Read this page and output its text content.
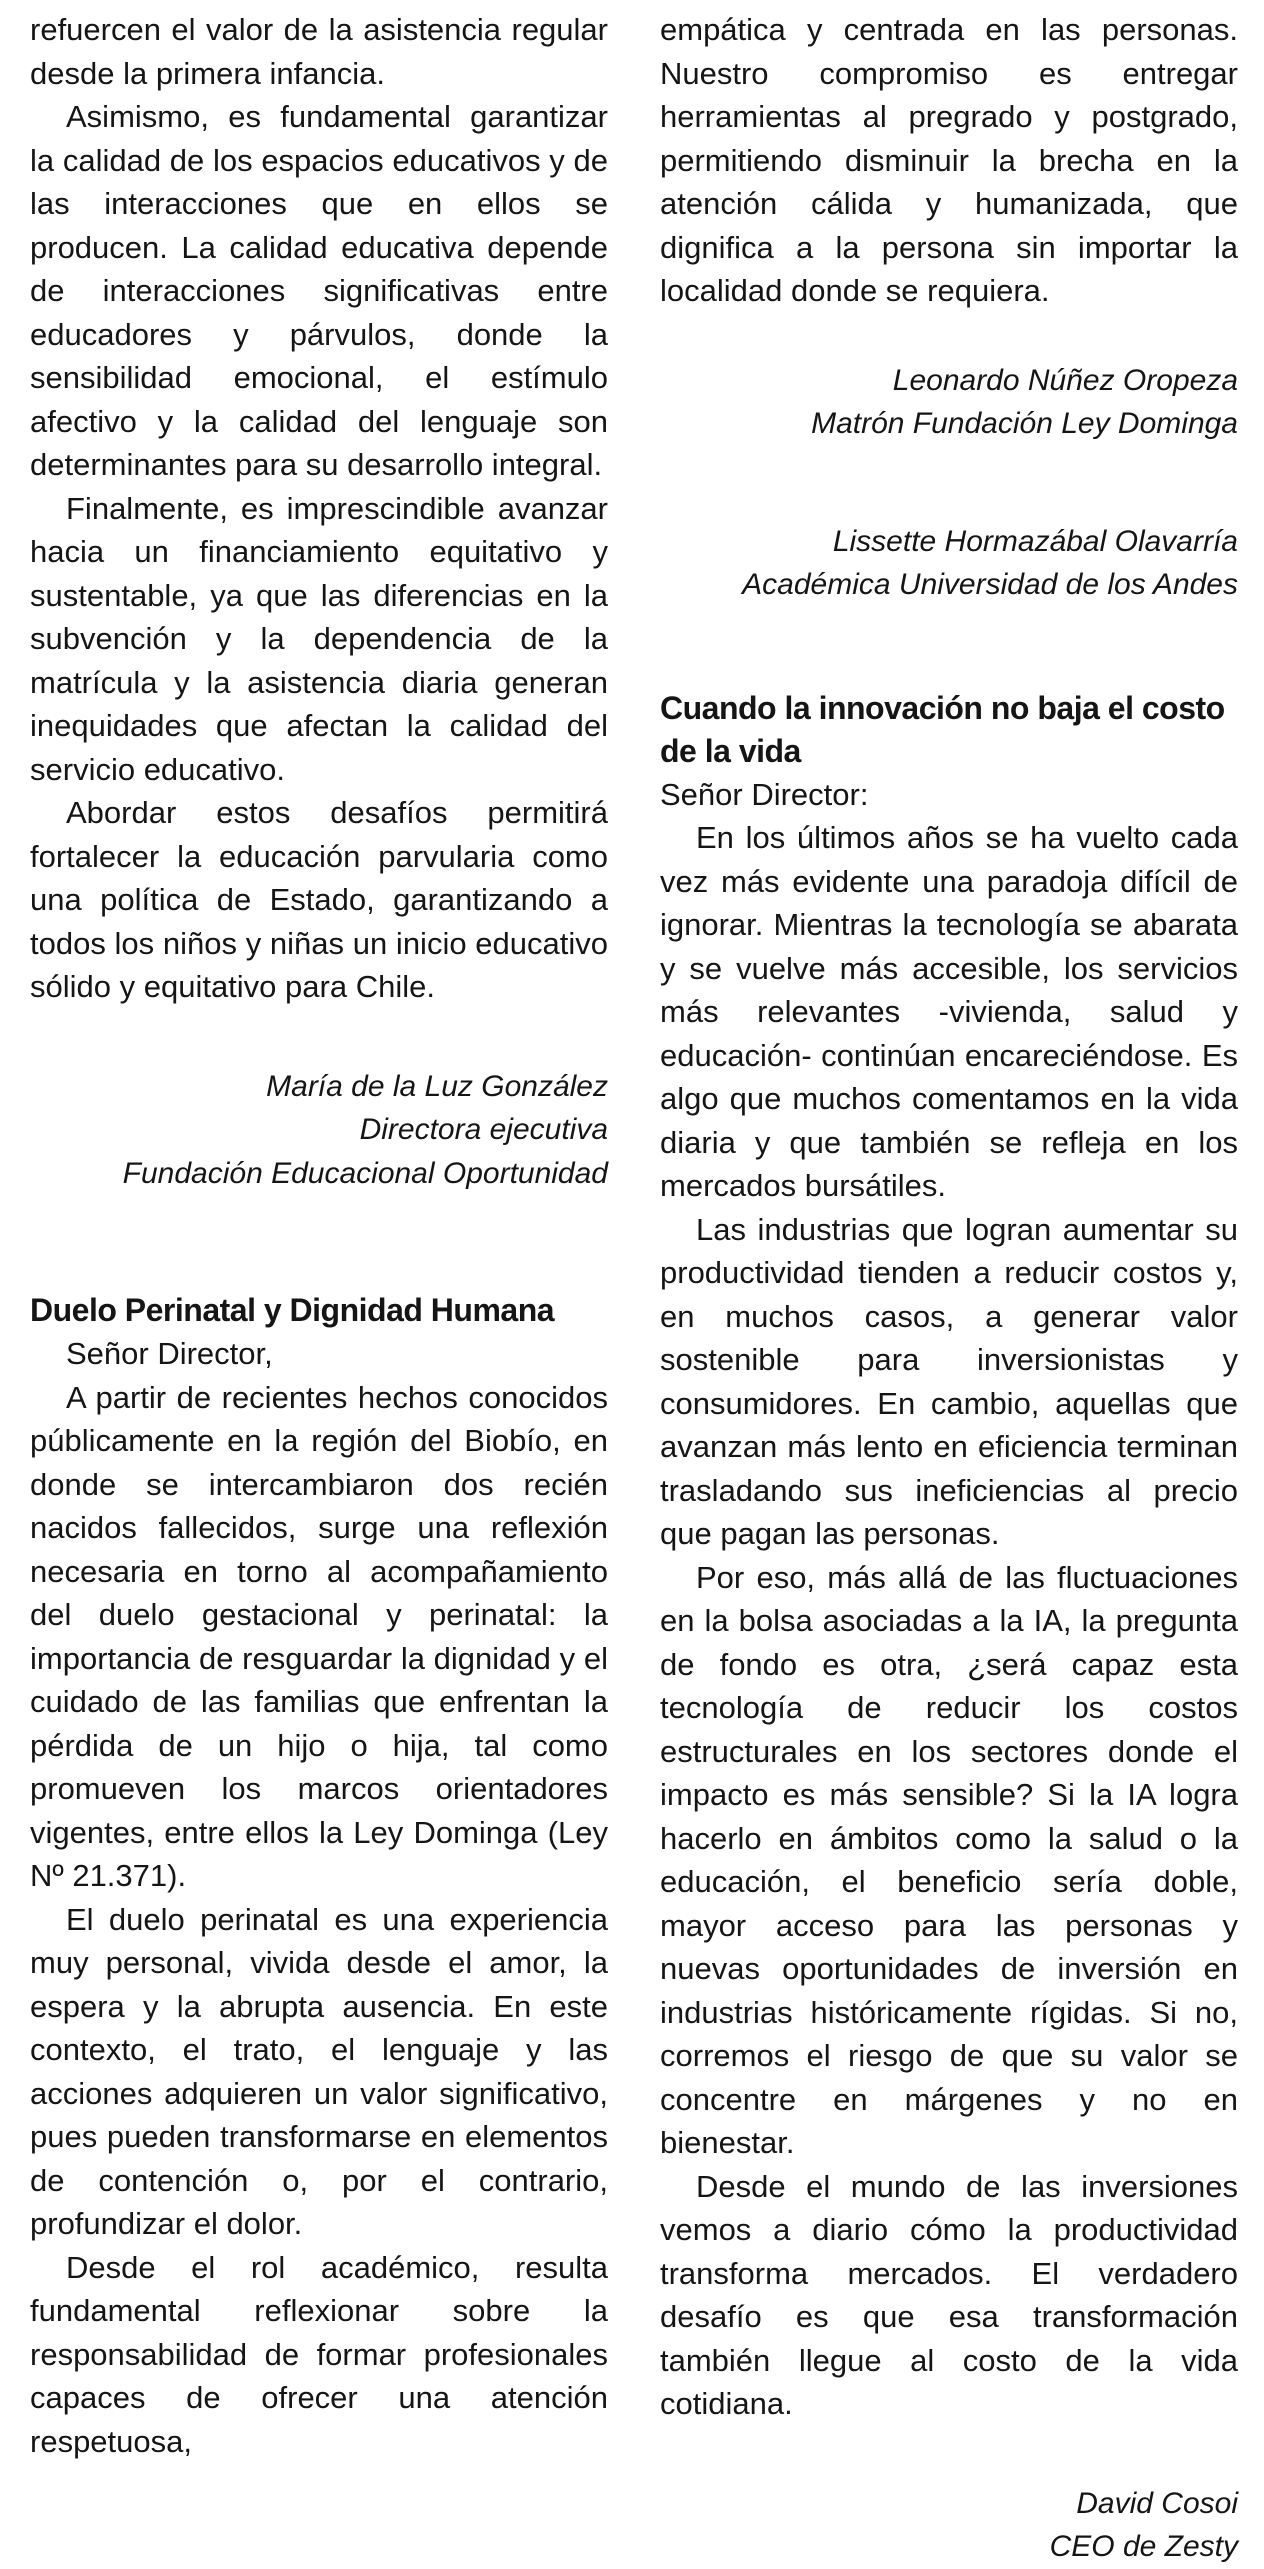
refuercen el valor de la asistencia regular desde la primera infancia.

Asimismo, es fundamental garantizar la calidad de los espacios educativos y de las interacciones que en ellos se producen. La calidad educativa depende de interacciones significativas entre educadores y párvulos, donde la sensibilidad emocional, el estímulo afectivo y la calidad del lenguaje son determinantes para su desarrollo integral.

Finalmente, es imprescindible avanzar hacia un financiamiento equitativo y sustentable, ya que las diferencias en la subvención y la dependencia de la matrícula y la asistencia diaria generan inequidades que afectan la calidad del servicio educativo.

Abordar estos desafíos permitirá fortalecer la educación parvularia como una política de Estado, garantizando a todos los niños y niñas un inicio educativo sólido y equitativo para Chile.

María de la Luz González

Directora ejecutiva

Fundación Educacional Oportunidad

Duelo Perinatal y Dignidad Humana

Señor Director,

A partir de recientes hechos conocidos públicamente en la región del Biobío, en donde se intercambiaron dos recién nacidos fallecidos, surge una reflexión necesaria en torno al acompañamiento del duelo gestacional y perinatal: la importancia de resguardar la dignidad y el cuidado de las familias que enfrentan la pérdida de un hijo o hija, tal como promueven los marcos orientadores vigentes, entre ellos la Ley Dominga (Ley Nº 21.371).

El duelo perinatal es una experiencia muy personal, vivida desde el amor, la espera y la abrupta ausencia. En este contexto, el trato, el lenguaje y las acciones adquieren un valor significativo, pues pueden transformarse en elementos de contención o, por el contrario, profundizar el dolor.

Desde el rol académico, resulta fundamental reflexionar sobre la responsabilidad de formar profesionales capaces de ofrecer una atención respetuosa,

empática y centrada en las personas. Nuestro compromiso es entregar herramientas al pregrado y postgrado, permitiendo disminuir la brecha en la atención cálida y humanizada, que dignifica a la persona sin importar la localidad donde se requiera.

Leonardo Núñez Oropeza

Matrón Fundación Ley Dominga

Lissette Hormazábal Olavarría

Académica Universidad de los Andes

Cuando la innovación no baja el costo de la vida

Señor Director:

En los últimos años se ha vuelto cada vez más evidente una paradoja difícil de ignorar. Mientras la tecnología se abarata y se vuelve más accesible, los servicios más relevantes -vivienda, salud y educación- continúan encareciéndose. Es algo que muchos comentamos en la vida diaria y que también se refleja en los mercados bursátiles.

Las industrias que logran aumentar su productividad tienden a reducir costos y, en muchos casos, a generar valor sostenible para inversionistas y consumidores. En cambio, aquellas que avanzan más lento en eficiencia terminan trasladando sus ineficiencias al precio que pagan las personas.

Por eso, más allá de las fluctuaciones en la bolsa asociadas a la IA, la pregunta de fondo es otra, ¿será capaz esta tecnología de reducir los costos estructurales en los sectores donde el impacto es más sensible? Si la IA logra hacerlo en ámbitos como la salud o la educación, el beneficio sería doble, mayor acceso para las personas y nuevas oportunidades de inversión en industrias históricamente rígidas. Si no, corremos el riesgo de que su valor se concentre en márgenes y no en bienestar.

Desde el mundo de las inversiones vemos a diario cómo la productividad transforma mercados. El verdadero desafío es que esa transformación también llegue al costo de la vida cotidiana.

David Cosoi

CEO de Zesty
